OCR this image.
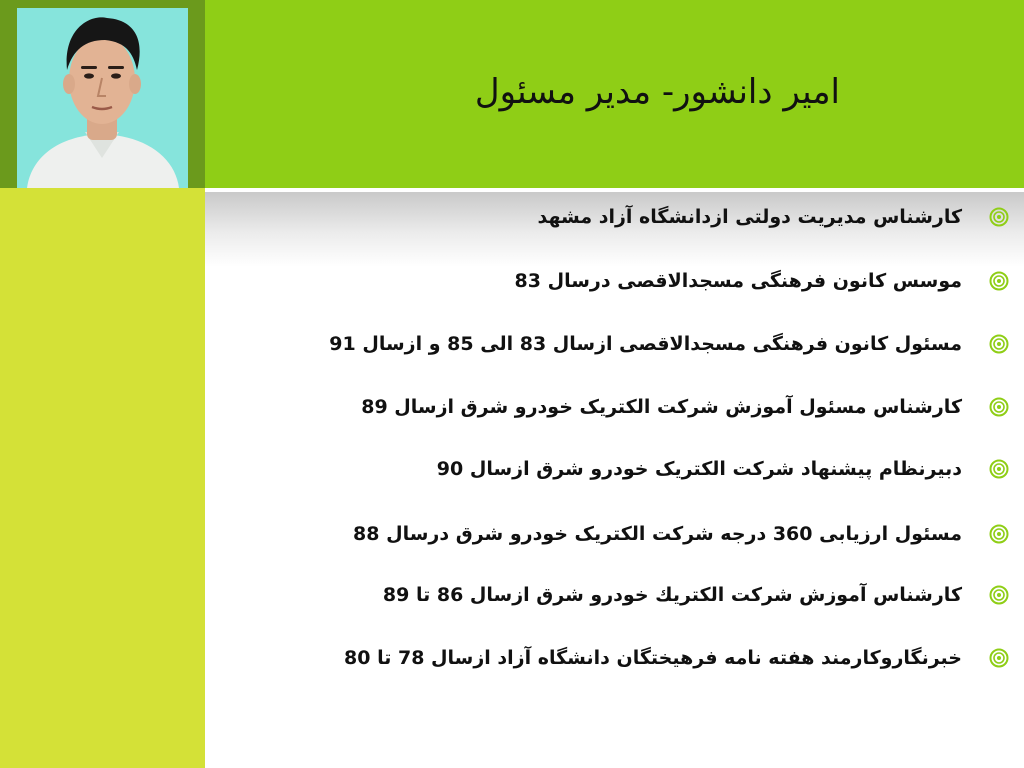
امیر دانشور- مدیر مسئول
کارشناس مدیریت دولتی ازدانشگاه آزاد مشهد
موسس کانون فرهنگی مسجدالاقصی درسال 83
مسئول کانون فرهنگی مسجدالاقصی ازسال 83 الی 85 و ازسال 91
کارشناس مسئول آموزش شرکت الکتریک خودرو شرق ازسال 89
دبیرنظام پیشنهاد شرکت الکتریک خودرو شرق ازسال 90
مسئول ارزیابی 360 درجه شرکت الکتریک خودرو شرق درسال 88
کارشناس آموزش شرکت الکتريك خودرو شرق ازسال 86 تا 89
خبرنگاروکارمند هفته نامه فرهیختگان دانشگاه آزاد ازسال 78 تا 80
